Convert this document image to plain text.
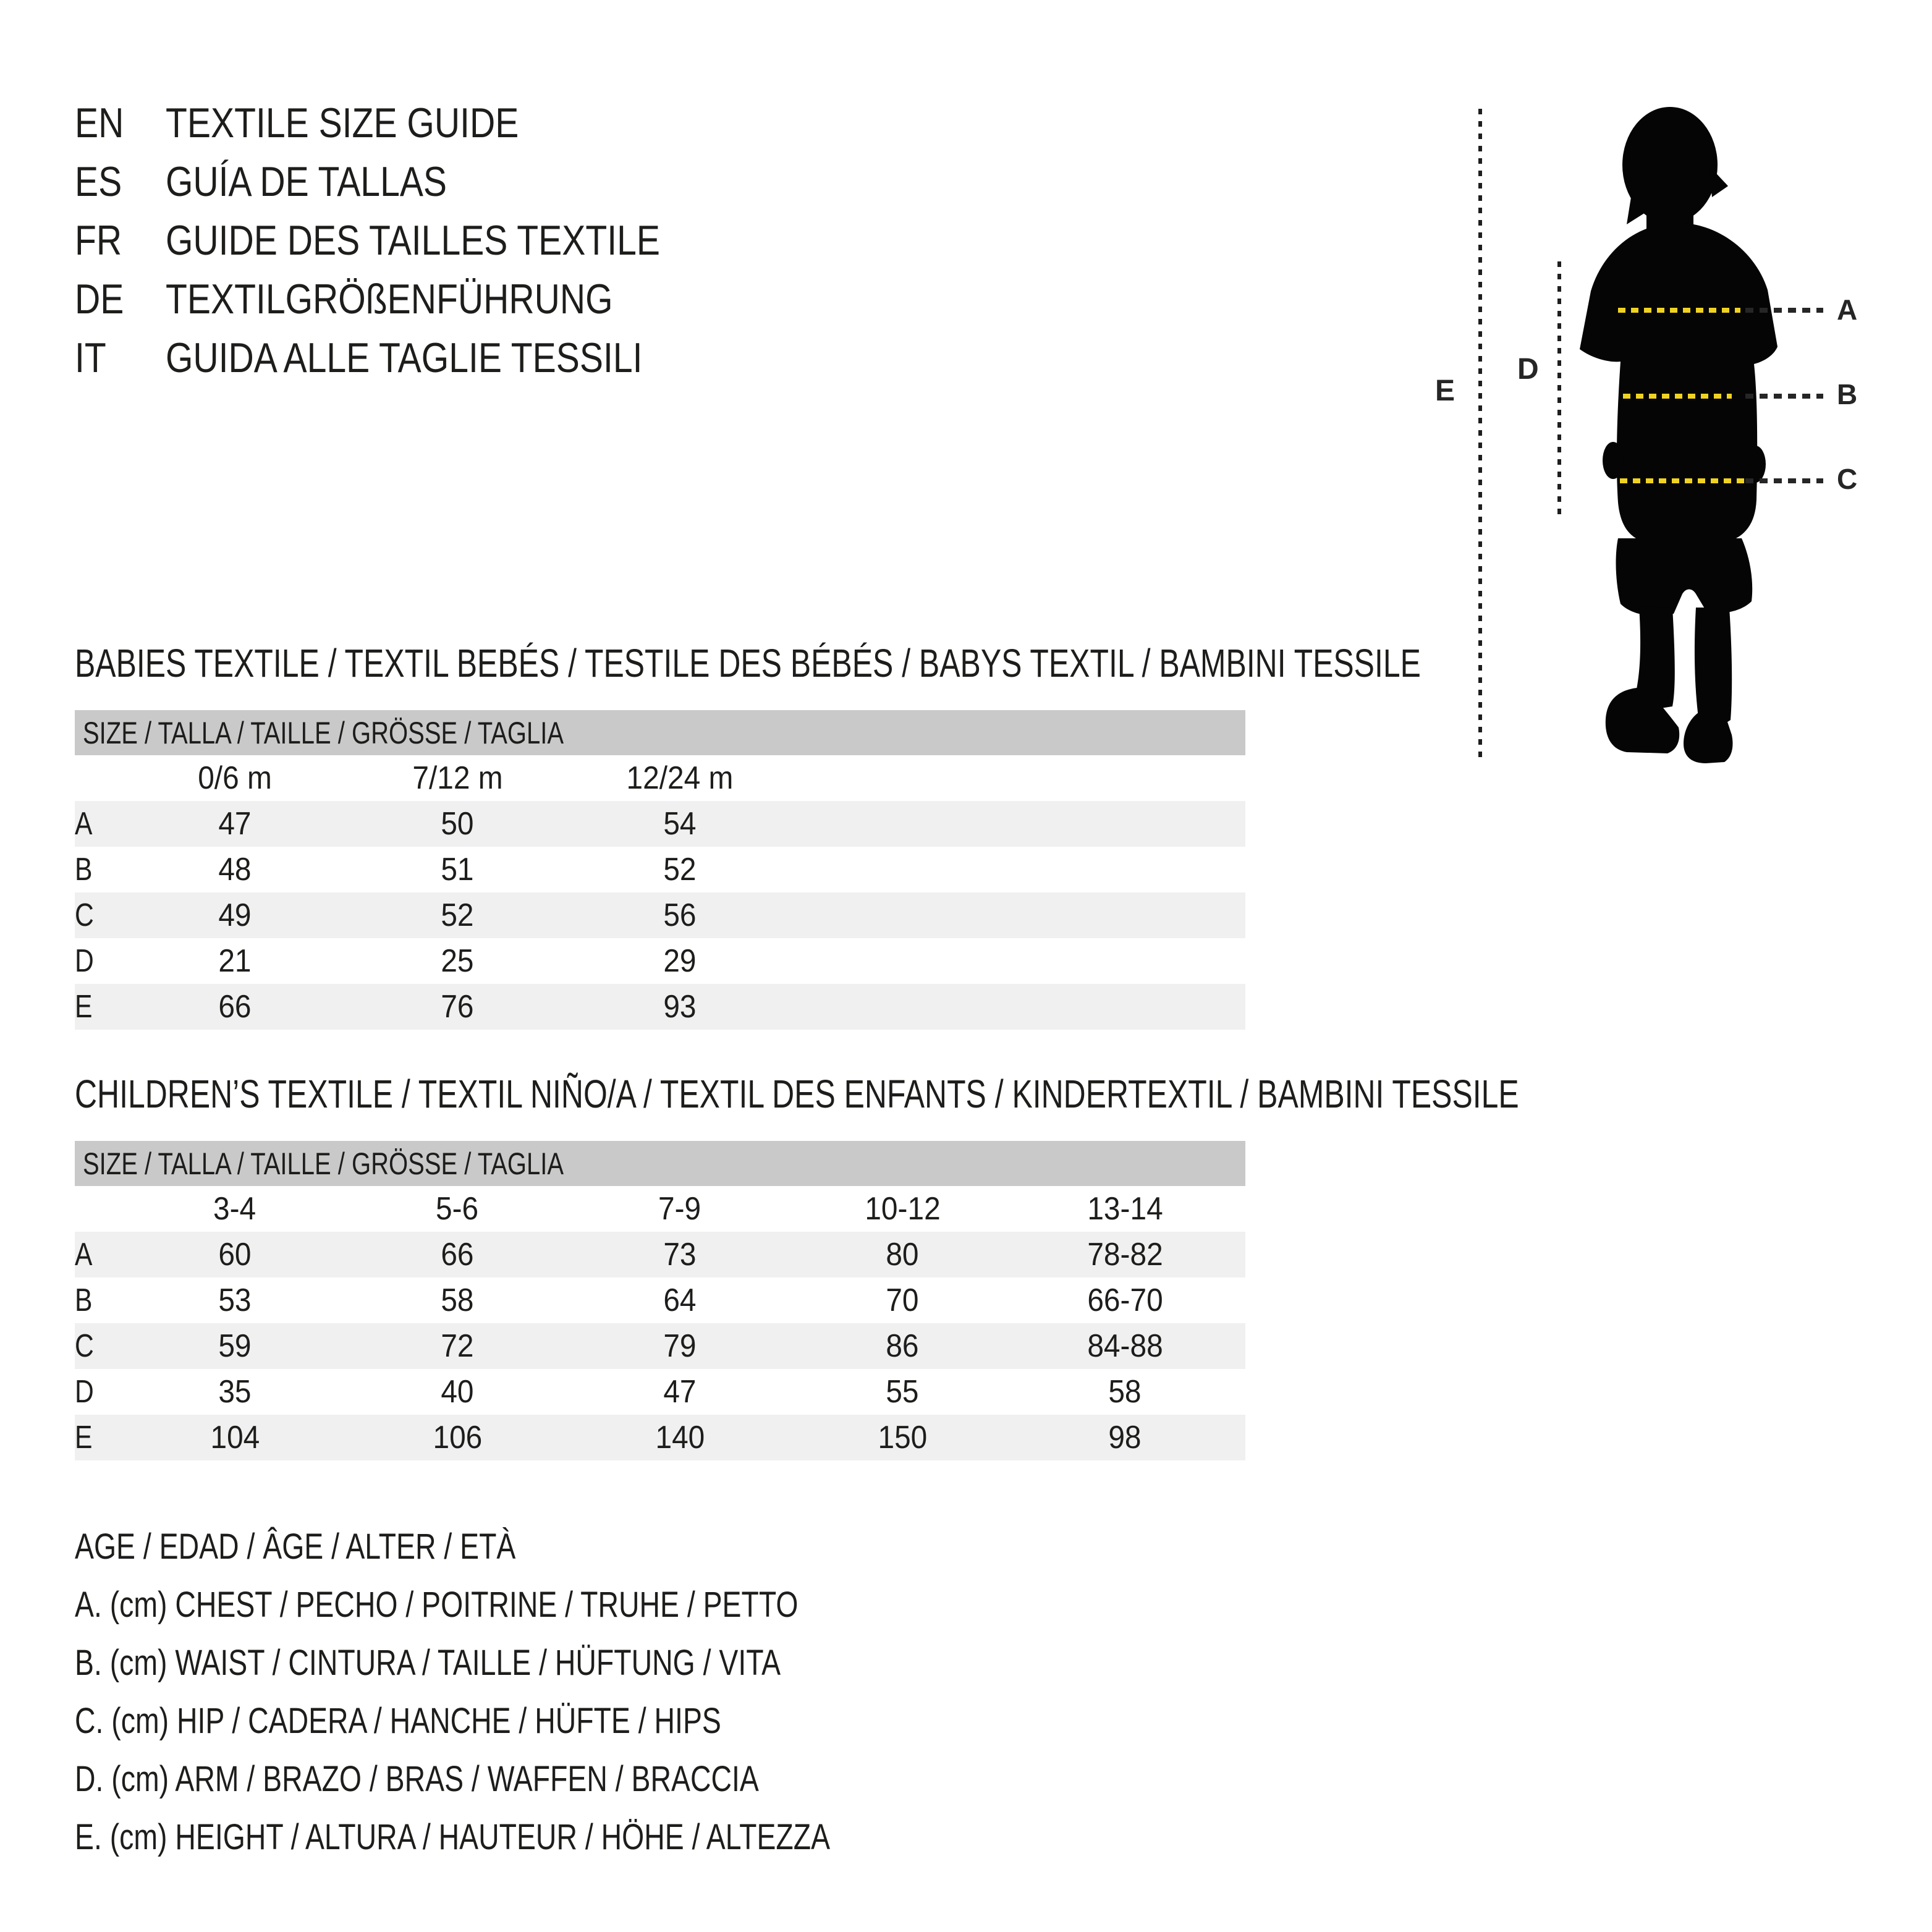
EN TEXTILE SIZE GUIDE
ES	GUÍA DE TALLAS
FR	GUIDE DES TAILLES TEXTILE
DE TEXTILGRÖßENFÜHRUNG
IT	GUIDA ALLE TAGLIE TESSILI
E
D
A
B
C
BABIES TEXTILE / TEXTIL BEBÉS / TESTILE DES BÉBÉS / BABYS TEXTIL / BAMBINI TESSILE
SIZE / TALLA / TAILLE / GRÖSSE / TAGLIA
	0/6 m	7/12 m	12/24 m	
A	47	50	54	
B	48	51	52	
C	49	52	56	
D	21	25	29	
E	66	76	93	
CHILDREN’S TEXTILE / TEXTIL NIÑO/A / TEXTIL DES ENFANTS / KINDERTEXTIL / BAMBINI TESSILE
SIZE / TALLA / TAILLE / GRÖSSE / TAGLIA
	3-4	5-6	7-9	10-12	13-14	
A	60	66	73	80	78-82	
B	53	58	64	70	66-70	
C	59	72	79	86	84-88	
D	35	40	47	55	58	
E	104	106	140	150	98	
AGE / EDAD / ÂGE / ALTER / ETÀ
A. (cm) CHEST / PECHO / POITRINE / TRUHE / PETTO
B. (cm) WAIST / CINTURA / TAILLE / HÜFTUNG / VITA
C. (cm) HIP / CADERA / HANCHE / HÜFTE / HIPS
D. (cm) ARM / BRAZO / BRAS / WAFFEN / BRACCIA
E. (cm) HEIGHT / ALTURA / HAUTEUR / HÖHE / ALTEZZA
